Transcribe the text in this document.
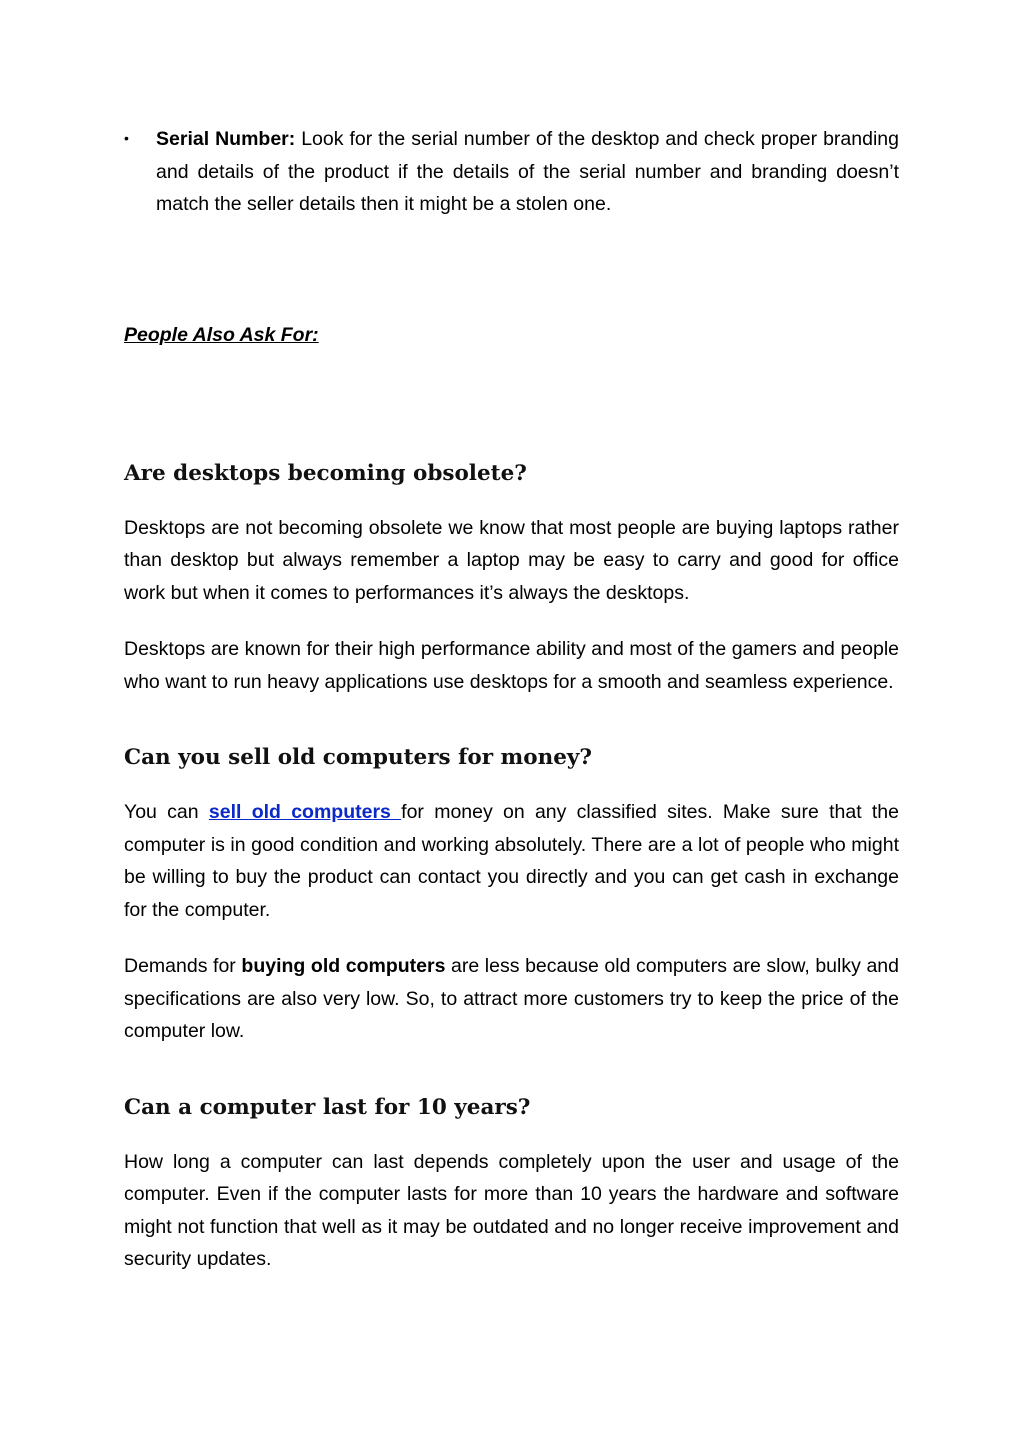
• Serial Number: Look for the serial number of the desktop and check proper branding and details of the product if the details of the serial number and branding doesn’t match the seller details then it might be a stolen one.

People Also Ask For:

Are desktops becoming obsolete?

Desktops are not becoming obsolete we know that most people are buying laptops rather than desktop but always remember a laptop may be easy to carry and good for office work but when it comes to performances it’s always the desktops.

Desktops are known for their high performance ability and most of the gamers and people who want to run heavy applications use desktops for a smooth and seamless experience.

Can you sell old computers for money?

You can sell old computers for money on any classified sites. Make sure that the computer is in good condition and working absolutely. There are a lot of people who might be willing to buy the product can contact you directly and you can get cash in exchange for the computer.

Demands for buying old computers are less because old computers are slow, bulky and specifications are also very low. So, to attract more customers try to keep the price of the computer low.

Can a computer last for 10 years?

How long a computer can last depends completely upon the user and usage of the computer. Even if the computer lasts for more than 10 years the hardware and software might not function that well as it may be outdated and no longer receive improvement and security updates.
